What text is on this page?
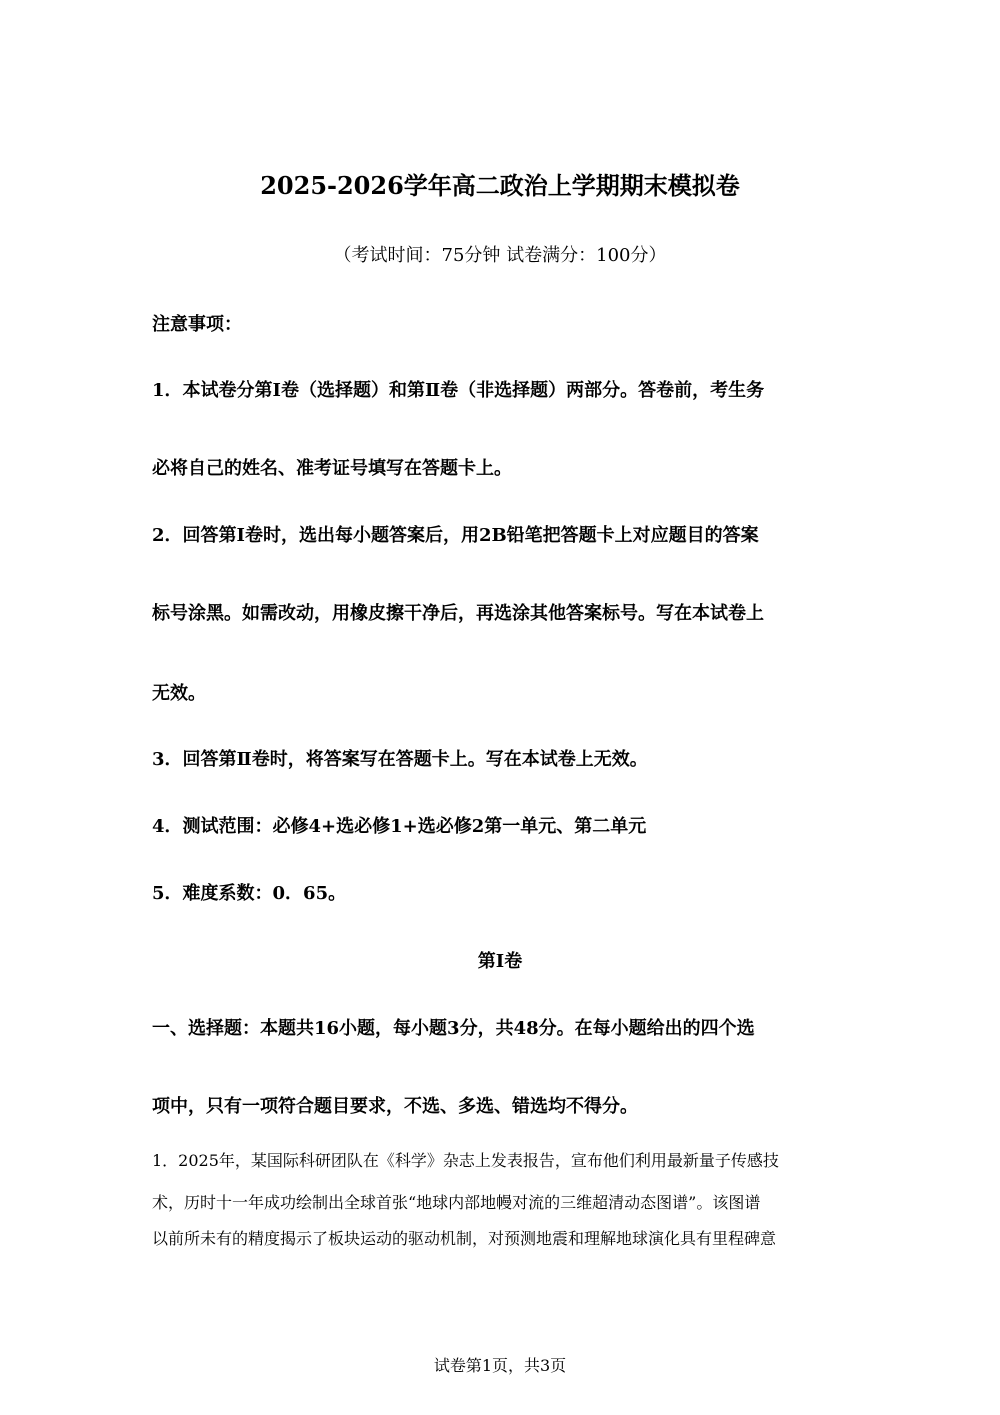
2025-2026学年高二政治上学期期末模拟卷
（考试时间：75分钟 试卷满分：100分）
注意事项：
1．本试卷分第Ⅰ卷（选择题）和第Ⅱ卷（非选择题）两部分。答卷前，考生务
必将自己的姓名、准考证号填写在答题卡上。
2．回答第Ⅰ卷时，选出每小题答案后，用2B铅笔把答题卡上对应题目的答案
标号涂黑。如需改动，用橡皮擦干净后，再选涂其他答案标号。写在本试卷上
无效。
3．回答第Ⅱ卷时，将答案写在答题卡上。写在本试卷上无效。
4．测试范围：必修4+选必修1+选必修2第一单元、第二单元
5．难度系数：0．65。
第Ⅰ卷
一、选择题：本题共16小题，每小题3分，共48分。在每小题给出的四个选
项中，只有一项符合题目要求，不选、多选、错选均不得分。
1．2025年，某国际科研团队在《科学》杂志上发表报告，宣布他们利用最新量子传感技
术，历时十一年成功绘制出全球首张“地球内部地幔对流的三维超清动态图谱”。该图谱
以前所未有的精度揭示了板块运动的驱动机制，对预测地震和理解地球演化具有里程碑意
试卷第1页，共3页
